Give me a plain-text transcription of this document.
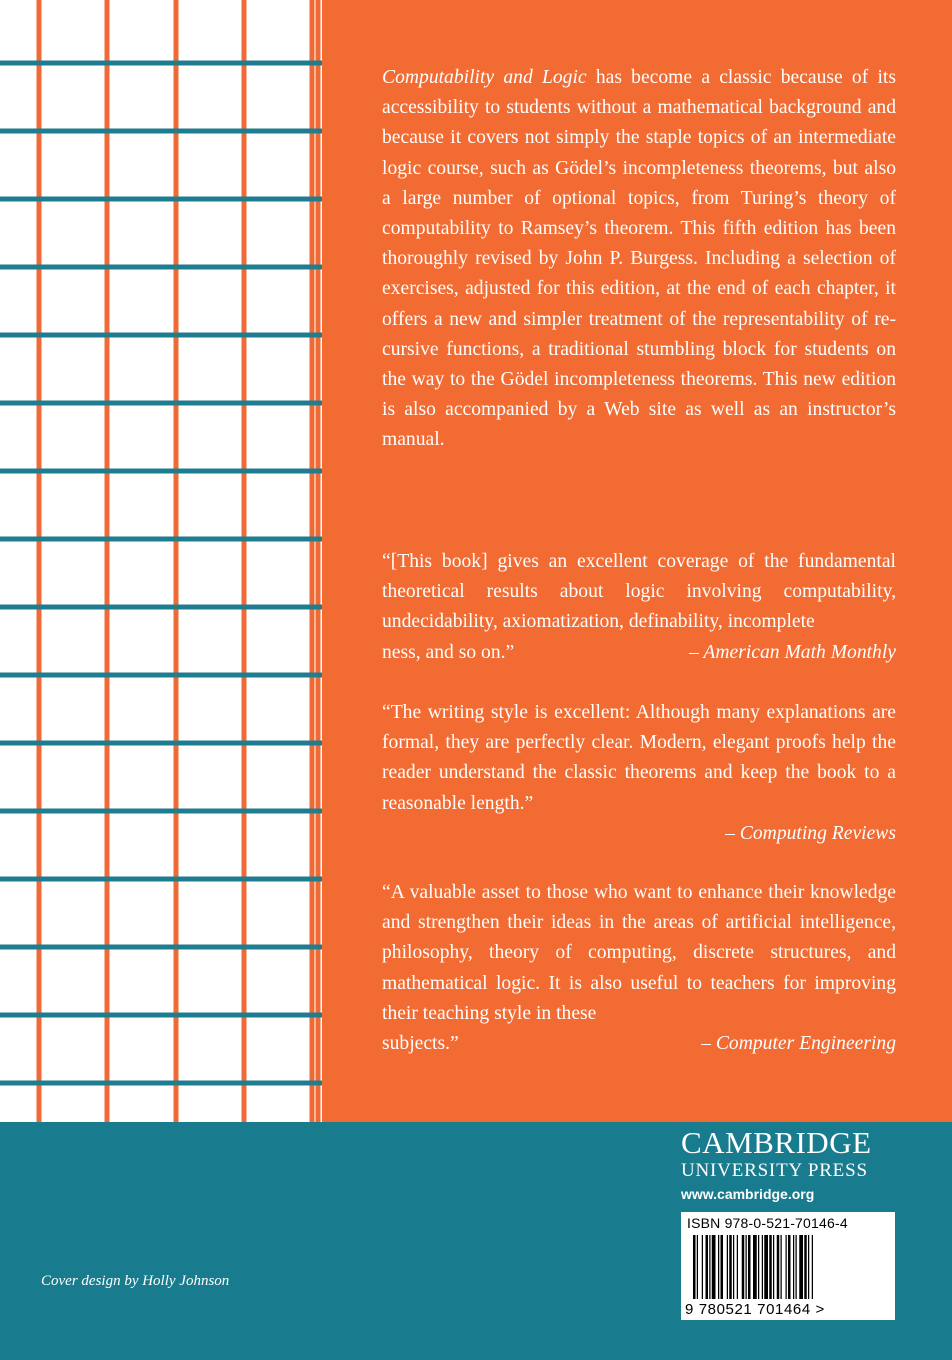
Computability and Logic has become a classic because of its accessibility to students without a mathematical background and because it covers not simply the staple topics of an intermediate logic course, such as Gödel’s incompleteness theorems, but also a large number of optional topics, from Turing’s theory of computability to Ramsey’s theorem. This fifth edition has been thoroughly revised by John P. Burgess. Including a selection of exercises, adjusted for this edition, at the end of each chapter, it offers a new and simpler treatment of the representability of recursive functions, a traditional stumbling block for students on the way to the Gödel incompleteness theorems. This new edition is also accompanied by a Web site as well as an instructor’s manual.

“[This book] gives an excellent coverage of the fundamental theoretical results about logic involving computability, undecidability, axiomatization, definability, incomplete

ness, and so on.”	– American Math Monthly

“The writing style is excellent: Although many explanations are formal, they are perfectly clear. Modern, elegant proofs help the reader understand the classic theorems and keep the book to a reasonable length.”

– Computing Reviews

“A valuable asset to those who want to enhance their knowledge and strengthen their ideas in the areas of artificial intelligence, philosophy, theory of computing, discrete structures, and mathematical logic. It is also useful to teachers for improving their teaching style in these

subjects.”	– Computer Engineering
Cover design by Holly Johnson
CAMBRIDGE
UNIVERSITY PRESS
www.cambridge.org
ISBN 978-0-521-70146-4
9 780521 701464 >
